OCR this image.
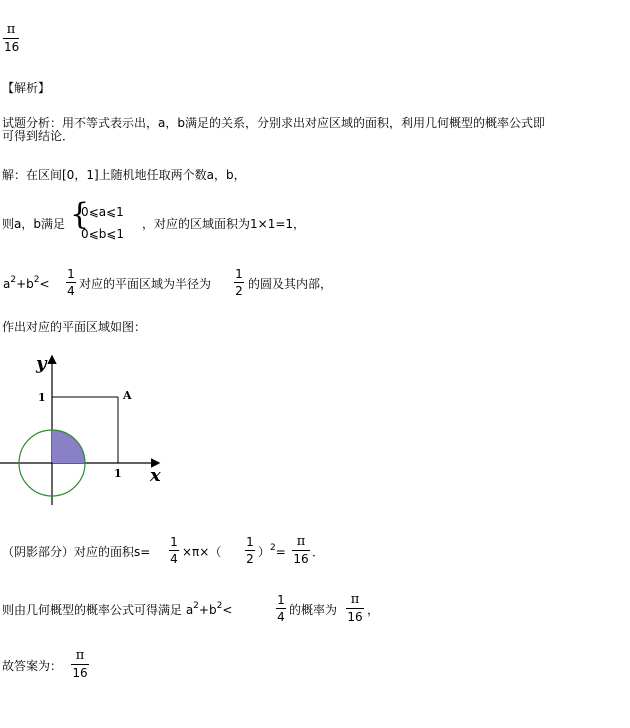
π
16
【解析】
试题分析：用不等式表示出，a，b满足的关系，分别求出对应区域的面积，利用几何概型的概率公式即
可得到结论．
解：在区间[0，1]上随机地任取两个数a，b，
则a，b满足 {
0⩽a⩽1
0⩽b⩽1
，对应的区域面积为1×1=1，
$a^2+b^2<$
1
4 对应的平面区域为半径为
1
2 的圆及其内部，
作出对应的平面区域如图：
y
x
1
1
A
（阴影部分）对应的面积s=
1
4 ×π×（
1
2 ）$^2$=
π
16 ．
则由几何概型的概率公式可得满足 $a^2+b^2<$
1
4 的概率为
π
16 ，
故答案为：
π
16
